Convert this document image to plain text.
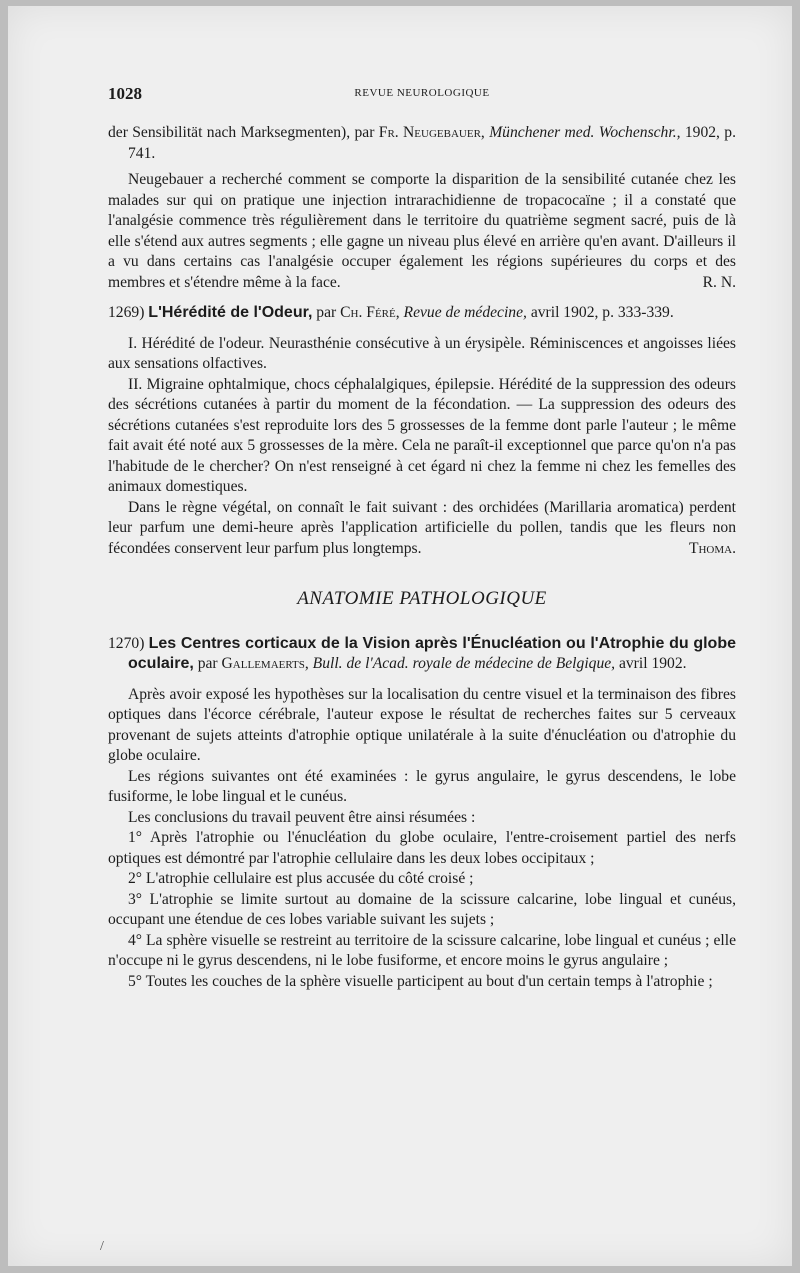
1028	REVUE NEUROLOGIQUE

der Sensibilität nach Marksegmenten), par Fr. Neugebauer, Münchener med. Wochenschr., 1902, p. 741.

Neugebauer a recherché comment se comporte la disparition de la sensibilité cutanée chez les malades sur qui on pratique une injection intrarachidienne de tropacocaïne ; il a constaté que l'analgésie commence très régulièrement dans le territoire du quatrième segment sacré, puis de là elle s'étend aux autres segments ; elle gagne un niveau plus élevé en arrière qu'en avant. D'ailleurs il a vu dans certains cas l'analgésie occuper également les régions supérieures du corps et des membres et s'étendre même à la face.	R. N.

1269) L'Hérédité de l'Odeur, par Ch. Féré, Revue de médecine, avril 1902, p. 333-339.

I. Hérédité de l'odeur. Neurasthénie consécutive à un érysipèle. Réminiscences et angoisses liées aux sensations olfactives.

II. Migraine ophtalmique, chocs céphalalgiques, épilepsie. Hérédité de la suppression des odeurs des sécrétions cutanées à partir du moment de la fécondation. — La suppression des odeurs des sécrétions cutanées s'est reproduite lors des 5 grossesses de la femme dont parle l'auteur ; le même fait avait été noté aux 5 grossesses de la mère. Cela ne paraît-il exceptionnel que parce qu'on n'a pas l'habitude de le chercher? On n'est renseigné à cet égard ni chez la femme ni chez les femelles des animaux domestiques.

Dans le règne végétal, on connaît le fait suivant : des orchidées (Marillaria aromatica) perdent leur parfum une demi-heure après l'application artificielle du pollen, tandis que les fleurs non fécondées conservent leur parfum plus longtemps.	Thoma.

ANATOMIE PATHOLOGIQUE

1270) Les Centres corticaux de la Vision après l'Énucléation ou l'Atrophie du globe oculaire, par Gallemaerts, Bull. de l'Acad. royale de médecine de Belgique, avril 1902.

Après avoir exposé les hypothèses sur la localisation du centre visuel et la terminaison des fibres optiques dans l'écorce cérébrale, l'auteur expose le résultat de recherches faites sur 5 cerveaux provenant de sujets atteints d'atrophie optique unilatérale à la suite d'énucléation ou d'atrophie du globe oculaire.

Les régions suivantes ont été examinées : le gyrus angulaire, le gyrus descendens, le lobe fusiforme, le lobe lingual et le cunéus.

Les conclusions du travail peuvent être ainsi résumées :

1° Après l'atrophie ou l'énucléation du globe oculaire, l'entre-croisement partiel des nerfs optiques est démontré par l'atrophie cellulaire dans les deux lobes occipitaux ;

2° L'atrophie cellulaire est plus accusée du côté croisé ;

3° L'atrophie se limite surtout au domaine de la scissure calcarine, lobe lingual et cunéus, occupant une étendue de ces lobes variable suivant les sujets ;

4° La sphère visuelle se restreint au territoire de la scissure calcarine, lobe lingual et cunéus ; elle n'occupe ni le gyrus descendens, ni le lobe fusiforme, et encore moins le gyrus angulaire ;

5° Toutes les couches de la sphère visuelle participent au bout d'un certain temps à l'atrophie ;

/
